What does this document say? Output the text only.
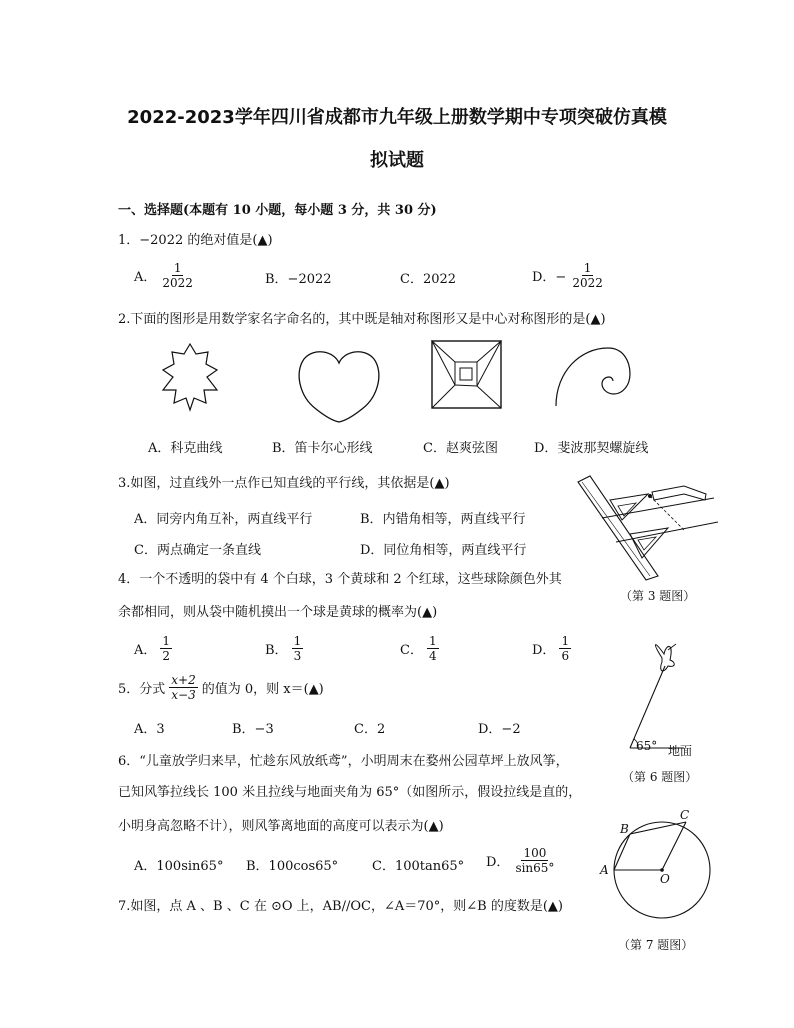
2022-2023学年四川省成都市九年级上册数学期中专项突破仿真模
拟试题
一、选择题(本题有 10 小题，每小题 3 分，共 30 分)
1．−2022 的绝对值是(▲)
A． $\frac{1}{2022}$	B．−2022	C．2022	D．− $\frac{1}{2022}$
2.下面的图形是用数学家名字命名的，其中既是轴对称图形又是中心对称图形的是(▲)
A．科克曲线	B．笛卡尔心形线	C．赵爽弦图	D．斐波那契螺旋线
3.如图，过直线外一点作已知直线的平行线，其依据是(▲)
A．同旁内角互补，两直线平行	B．内错角相等，两直线平行
C．两点确定一条直线	D．同位角相等，两直线平行
（第 3 题图）
4．一个不透明的袋中有 4 个白球，3 个黄球和 2 个红球，这些球除颜色外其
余都相同，则从袋中随机摸出一个球是黄球的概率为(▲)
A． $\frac{1}{2}$	B． $\frac{1}{3}$	C． $\frac{1}{4}$	D． $\frac{1}{6}$
5．分式 $\frac{x+2}{x-3}$ 的值为 0，则 x＝(▲)
A．3	B．−3	C．2	D．−2
65° 地面
（第 6 题图）
6．“儿童放学归来早，忙趁东风放纸鸢”，小明周末在婺州公园草坪上放风筝，
已知风筝拉线长 100 米且拉线与地面夹角为 65°（如图所示，假设拉线是直的，
小明身高忽略不计），则风筝离地面的高度可以表示为(▲)
A．100sin65° B．100cos65°	C．100tan65° D． $\frac{100}{\sin 65^\circ}$
7.如图，点 A 、B 、C 在 ⊙O 上，AB//OC，∠A＝70°，则∠B 的度数是(▲)
A
B
C
O
（第 7 题图）
